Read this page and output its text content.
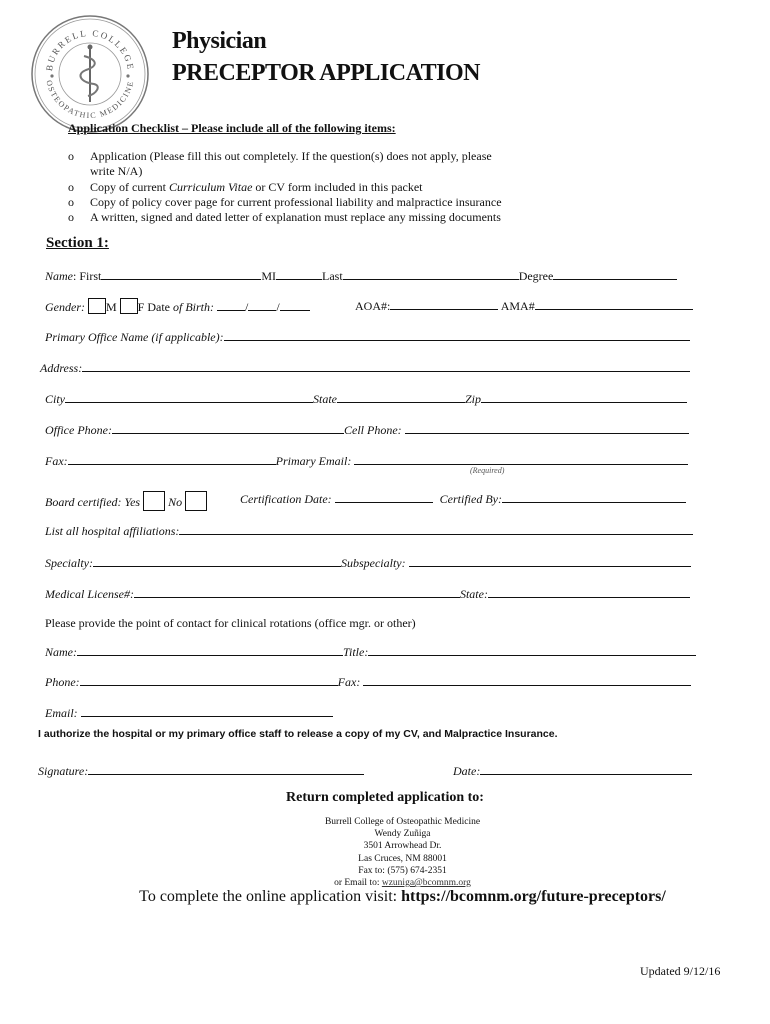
BURRELL COLLEGE
OSTEOPATHIC MEDICINE
Physician
PRECEPTOR APPLICATION
Application Checklist – Please include all of the following items:
o Application (Please fill this out completely. If the question(s) does not apply, please
write N/A)
o Copy of current Curriculum Vitae or CV form included in this packet
o Copy of policy cover page for current professional liability and malpractice insurance
o A written, signed and dated letter of explanation must replace any missing documents
Section 1:
Name: First	MI	Last	Degree
Gender: M F Date of Birth:	/ /	AOA#:	AMA#
Primary Office Name (if applicable):
Address:
City	State	Zip
Office Phone:	Cell Phone:
Fax:	Primary Email:
(Required)
Board certified: Yes No	Certification Date:	Certified By:
List all hospital affiliations:
Specialty:	Subspecialty:
Medical License#:	State:
Please provide the point of contact for clinical rotations (office mgr. or other)
Name:	Title:
Phone:	Fax:
Email:
I authorize the hospital or my primary office staff to release a copy of my CV, and Malpractice Insurance.
Signature:	Date:
Return completed application to:
Burrell College of Osteopathic Medicine
Wendy Zuñiga
3501 Arrowhead Dr.
Las Cruces, NM 88001
Fax to: (575) 674-2351
or Email to: wzuniga@bcomnm.org
To complete the online application visit: https://bcomnm.org/future-preceptors/
Updated 9/12/16
